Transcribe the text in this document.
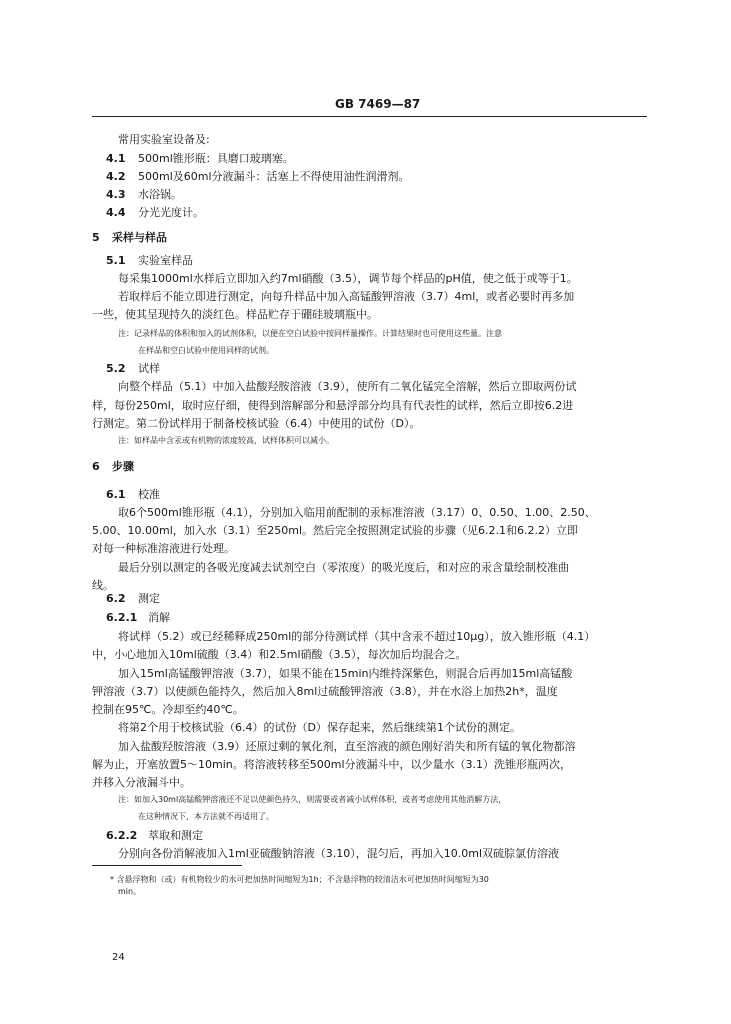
GB 7469—87
常用实验室设备及:
4.1 500ml锥形瓶：具磨口玻璃塞。
4.2 500ml及60ml分液漏斗：活塞上不得使用油性润滑剂。
4.3 水浴锅。
4.4 分光光度计。
5 采样与样品
5.1 实验室样品
每采集1000ml水样后立即加入约7ml硝酸（3.5），调节每个样品的pH值，使之低于或等于1。
若取样后不能立即进行测定，向每升样品中加入高锰酸钾溶液（3.7）4ml，或者必要时再多加
一些，使其呈现持久的淡红色。样品贮存于硼硅玻璃瓶中。
注：记录样品的体积和加入的试剂体积，以便在空白试验中按同样量操作。计算结果时也可使用这些量。注意
在样品和空白试验中使用同样的试剂。
5.2 试样
向整个样品（5.1）中加入盐酸羟胺溶液（3.9），使所有二氧化锰完全溶解，然后立即取两份试
样，每份250ml，取时应仔细，使得到溶解部分和悬浮部分均具有代表性的试样，然后立即按6.2进
行测定。第二份试样用于制备校核试验（6.4）中使用的试份（D）。
注：如样品中含汞或有机物的浓度较高，试样体积可以减小。
6 步骤
6.1 校准
取6个500ml锥形瓶（4.1），分别加入临用前配制的汞标准溶液（3.17）0、0.50、1.00、2.50、
5.00、10.00ml，加入水（3.1）至250ml。然后完全按照测定试验的步骤（见6.2.1和6.2.2）立即
对每一种标准溶液进行处理。
最后分别以测定的各吸光度减去试剂空白（零浓度）的吸光度后，和对应的汞含量绘制校准曲
线。
6.2 测定
6.2.1 消解
将试样（5.2）或已经稀释成250ml的部分待测试样（其中含汞不超过10μg），放入锥形瓶（4.1）
中，小心地加入10ml硫酸（3.4）和2.5ml硝酸（3.5），每次加后均混合之。
加入15ml高锰酸钾溶液（3.7），如果不能在15min内维持深紫色，则混合后再加15ml高锰酸
钾溶液（3.7）以使颜色能持久，然后加入8ml过硫酸钾溶液（3.8），并在水浴上加热2h*，温度
控制在95℃。冷却至约40℃。
将第2个用于校核试验（6.4）的试份（D）保存起来，然后继续第1个试份的测定。
加入盐酸羟胺溶液（3.9）还原过剩的氧化剂，直至溶液的颜色刚好消失和所有锰的氧化物都溶
解为止，开塞放置5～10min。将溶液转移至500ml分液漏斗中，以少量水（3.1）洗锥形瓶两次，
并移入分液漏斗中。
注：如加入30ml高锰酸钾溶液还不足以使颜色持久，则需要或者减小试样体积，或者考虑使用其他消解方法，
在这种情况下，本方法就不再适用了。
6.2.2 萃取和测定
分别向各份消解液加入1ml亚硫酸钠溶液（3.10），混匀后，再加入10.0ml双硫腙氯仿溶液
* 含悬浮物和（或）有机物较少的水可把加热时间缩短为1h；不含悬浮物的较清洁水可把加热时间缩短为30
min。
24
